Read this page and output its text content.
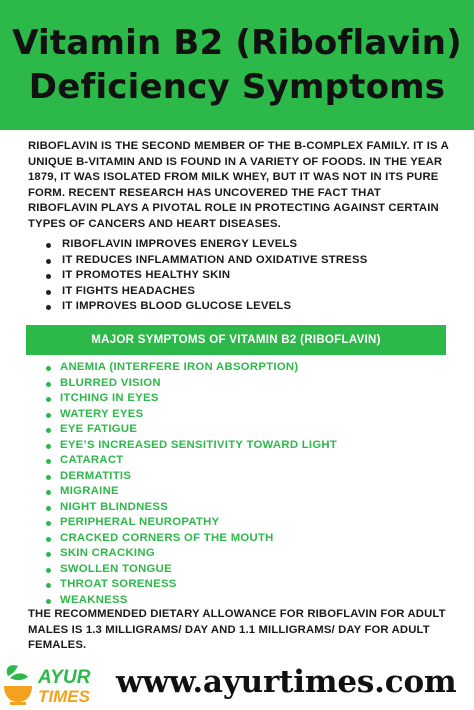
Vitamin B2 (Riboflavin)
Deficiency Symptoms
RIBOFLAVIN IS THE SECOND MEMBER OF THE B-COMPLEX FAMILY. IT IS A UNIQUE B-VITAMIN AND IS FOUND IN A VARIETY OF FOODS. IN THE YEAR 1879, IT WAS ISOLATED FROM MILK WHEY, BUT IT WAS NOT IN ITS PURE FORM. RECENT RESEARCH HAS UNCOVERED THE FACT THAT RIBOFLAVIN PLAYS A PIVOTAL ROLE IN PROTECTING AGAINST CERTAIN TYPES OF CANCERS AND HEART DISEASES.
RIBOFLAVIN IMPROVES ENERGY LEVELS
IT REDUCES INFLAMMATION AND OXIDATIVE STRESS
IT PROMOTES HEALTHY SKIN
IT FIGHTS HEADACHES
IT IMPROVES BLOOD GLUCOSE LEVELS
MAJOR SYMPTOMS OF VITAMIN B2 (RIBOFLAVIN)
ANEMIA (INTERFERE IRON ABSORPTION)
BLURRED VISION
ITCHING IN EYES
WATERY EYES
EYE FATIGUE
EYE’S INCREASED SENSITIVITY TOWARD LIGHT
CATARACT
DERMATITIS
MIGRAINE
NIGHT BLINDNESS
PERIPHERAL NEUROPATHY
CRACKED CORNERS OF THE MOUTH
SKIN CRACKING
SWOLLEN TONGUE
THROAT SORENESS
WEAKNESS
THE RECOMMENDED DIETARY ALLOWANCE FOR RIBOFLAVIN FOR ADULT MALES IS 1.3 MILLIGRAMS/ DAY AND 1.1 MILLIGRAMS/ DAY FOR ADULT FEMALES.
AYUR
TIMES www.ayurtimes.com
